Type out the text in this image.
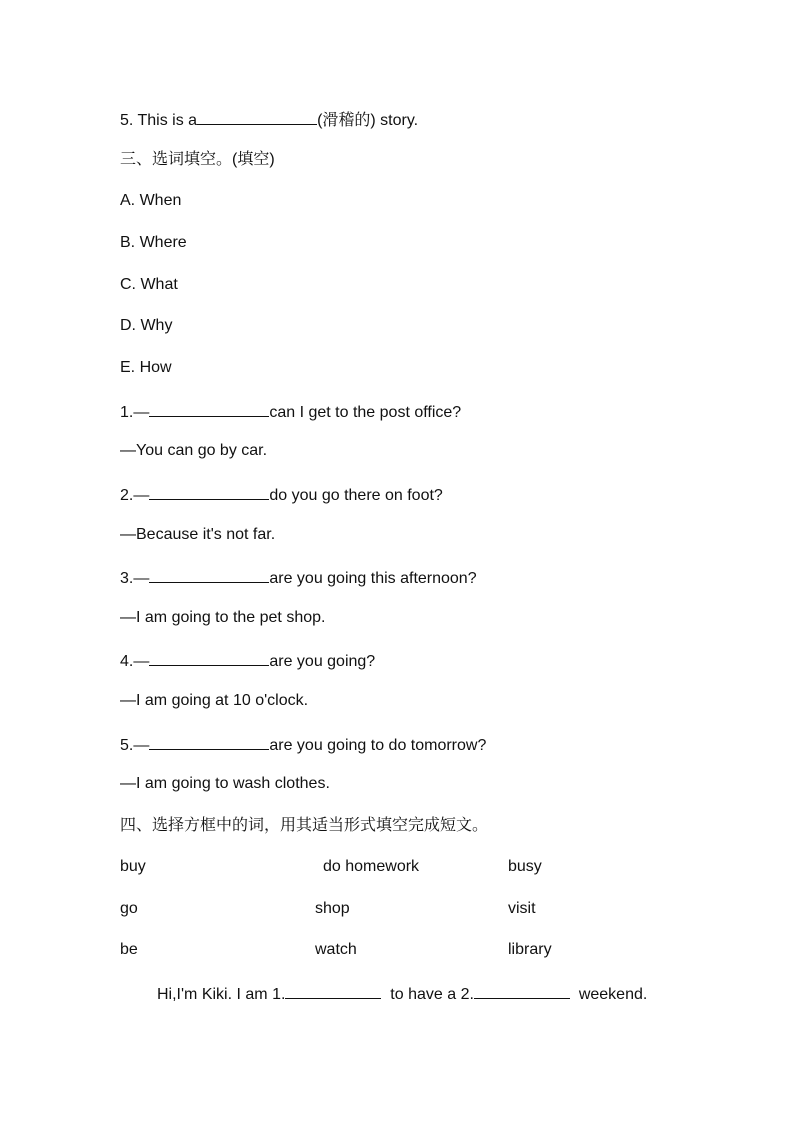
5. This is a	(滑稽的) story.
三、选词填空。(填空)
A. When
B. Where
C. What
D. Why
E. How
1.—	can I get to the post office?
—You can go by car.
2.—	do you go there on foot?
—Because it's not far.
3.—	are you going this afternoon?
—I am going to the pet shop.
4.—	are you going?
—I am going at 10 o'clock.
5.—	are you going to do tomorrow?
—I am going to wash clothes.
四、选择方框中的词，用其适当形式填空完成短文。
buy	do homework	busy
go	shop	visit
be	watch	library
Hi,I'm Kiki. I am 1.	to have a 2.	weekend.
